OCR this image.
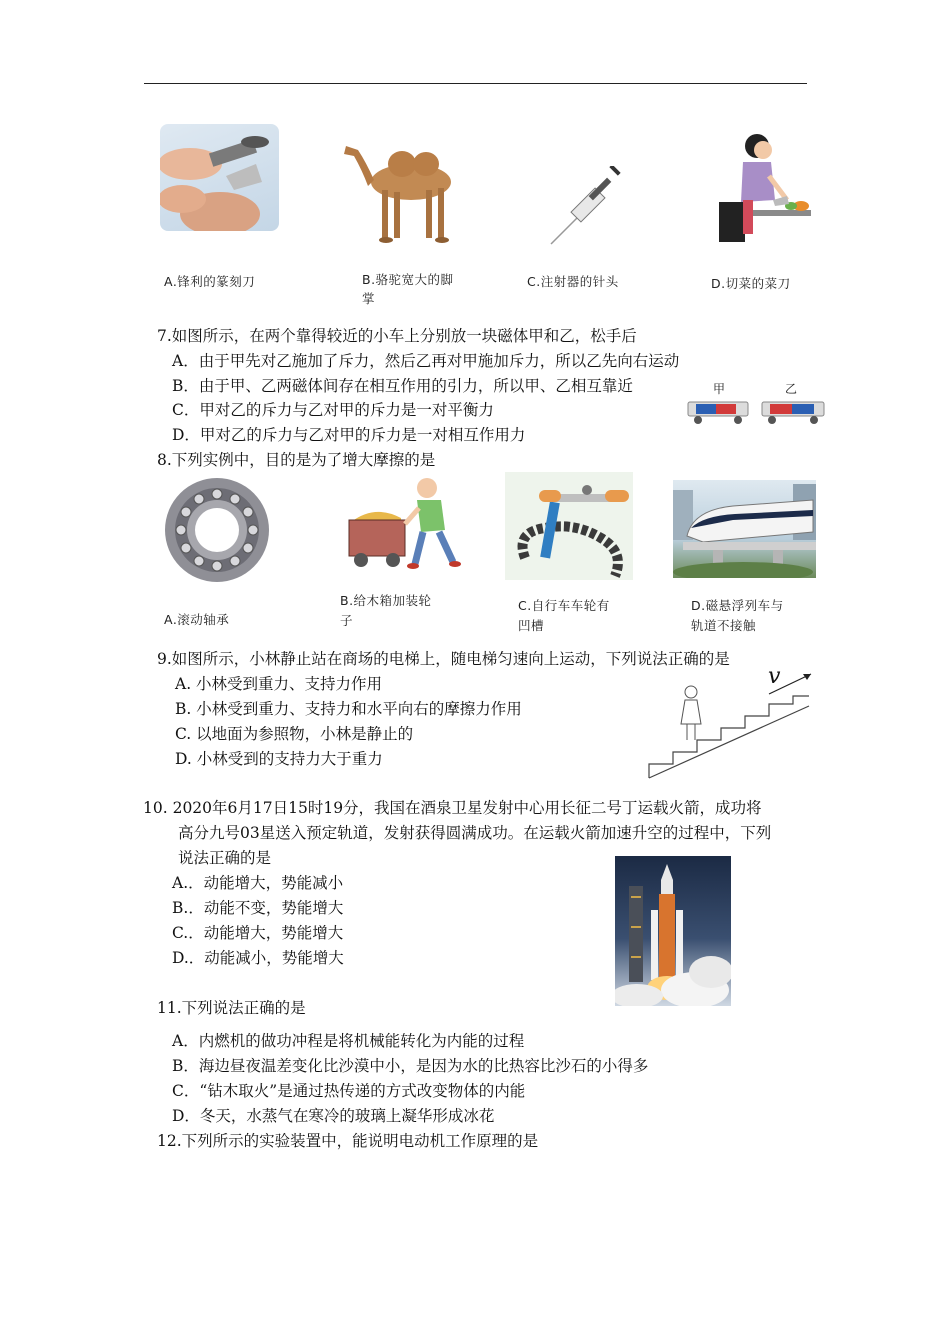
A.锋利的篆刻刀	B.骆驼宽大的脚
掌
C.注射器的针头	D.切菜的菜刀
7.如图所示，在两个靠得较近的小车上分别放一块磁体甲和乙，松手后
A．由于甲先对乙施加了斥力，然后乙再对甲施加斥力，所以乙先向右运动
B．由于甲、乙两磁体间存在相互作用的引力，所以甲、乙相互靠近
C．甲对乙的斥力与乙对甲的斥力是一对平衡力
D．甲对乙的斥力与乙对甲的斥力是一对相互作用力
甲	乙
8.下列实例中，目的是为了增大摩擦的是
A.滚动轴承
B.给木箱加装轮
子
C.自行车车轮有
凹槽
D.磁悬浮列车与
轨道不接触
9.如图所示，小林静止站在商场的电梯上，随电梯匀速向上运动，下列说法正确的是
A. 小林受到重力、支持力作用
B. 小林受到重力、支持力和水平向右的摩擦力作用
C. 以地面为参照物，小林是静止的
D. 小林受到的支持力大于重力
v
10. 2020年6月17日15时19分，我国在酒泉卫星发射中心用长征二号丁运载火箭，成功将
高分九号03星送入预定轨道，发射获得圆满成功。在运载火箭加速升空的过程中，下列
说法正确的是
A.．动能增大，势能减小
B.．动能不变，势能增大
C.．动能增大，势能增大
D.．动能减小，势能增大
11.下列说法正确的是
A．内燃机的做功冲程是将机械能转化为内能的过程
B．海边昼夜温差变化比沙漠中小，是因为水的比热容比沙石的小得多
C．“钻木取火”是通过热传递的方式改变物体的内能
D．冬天，水蒸气在寒冷的玻璃上凝华形成冰花
12.下列所示的实验装置中，能说明电动机工作原理的是
